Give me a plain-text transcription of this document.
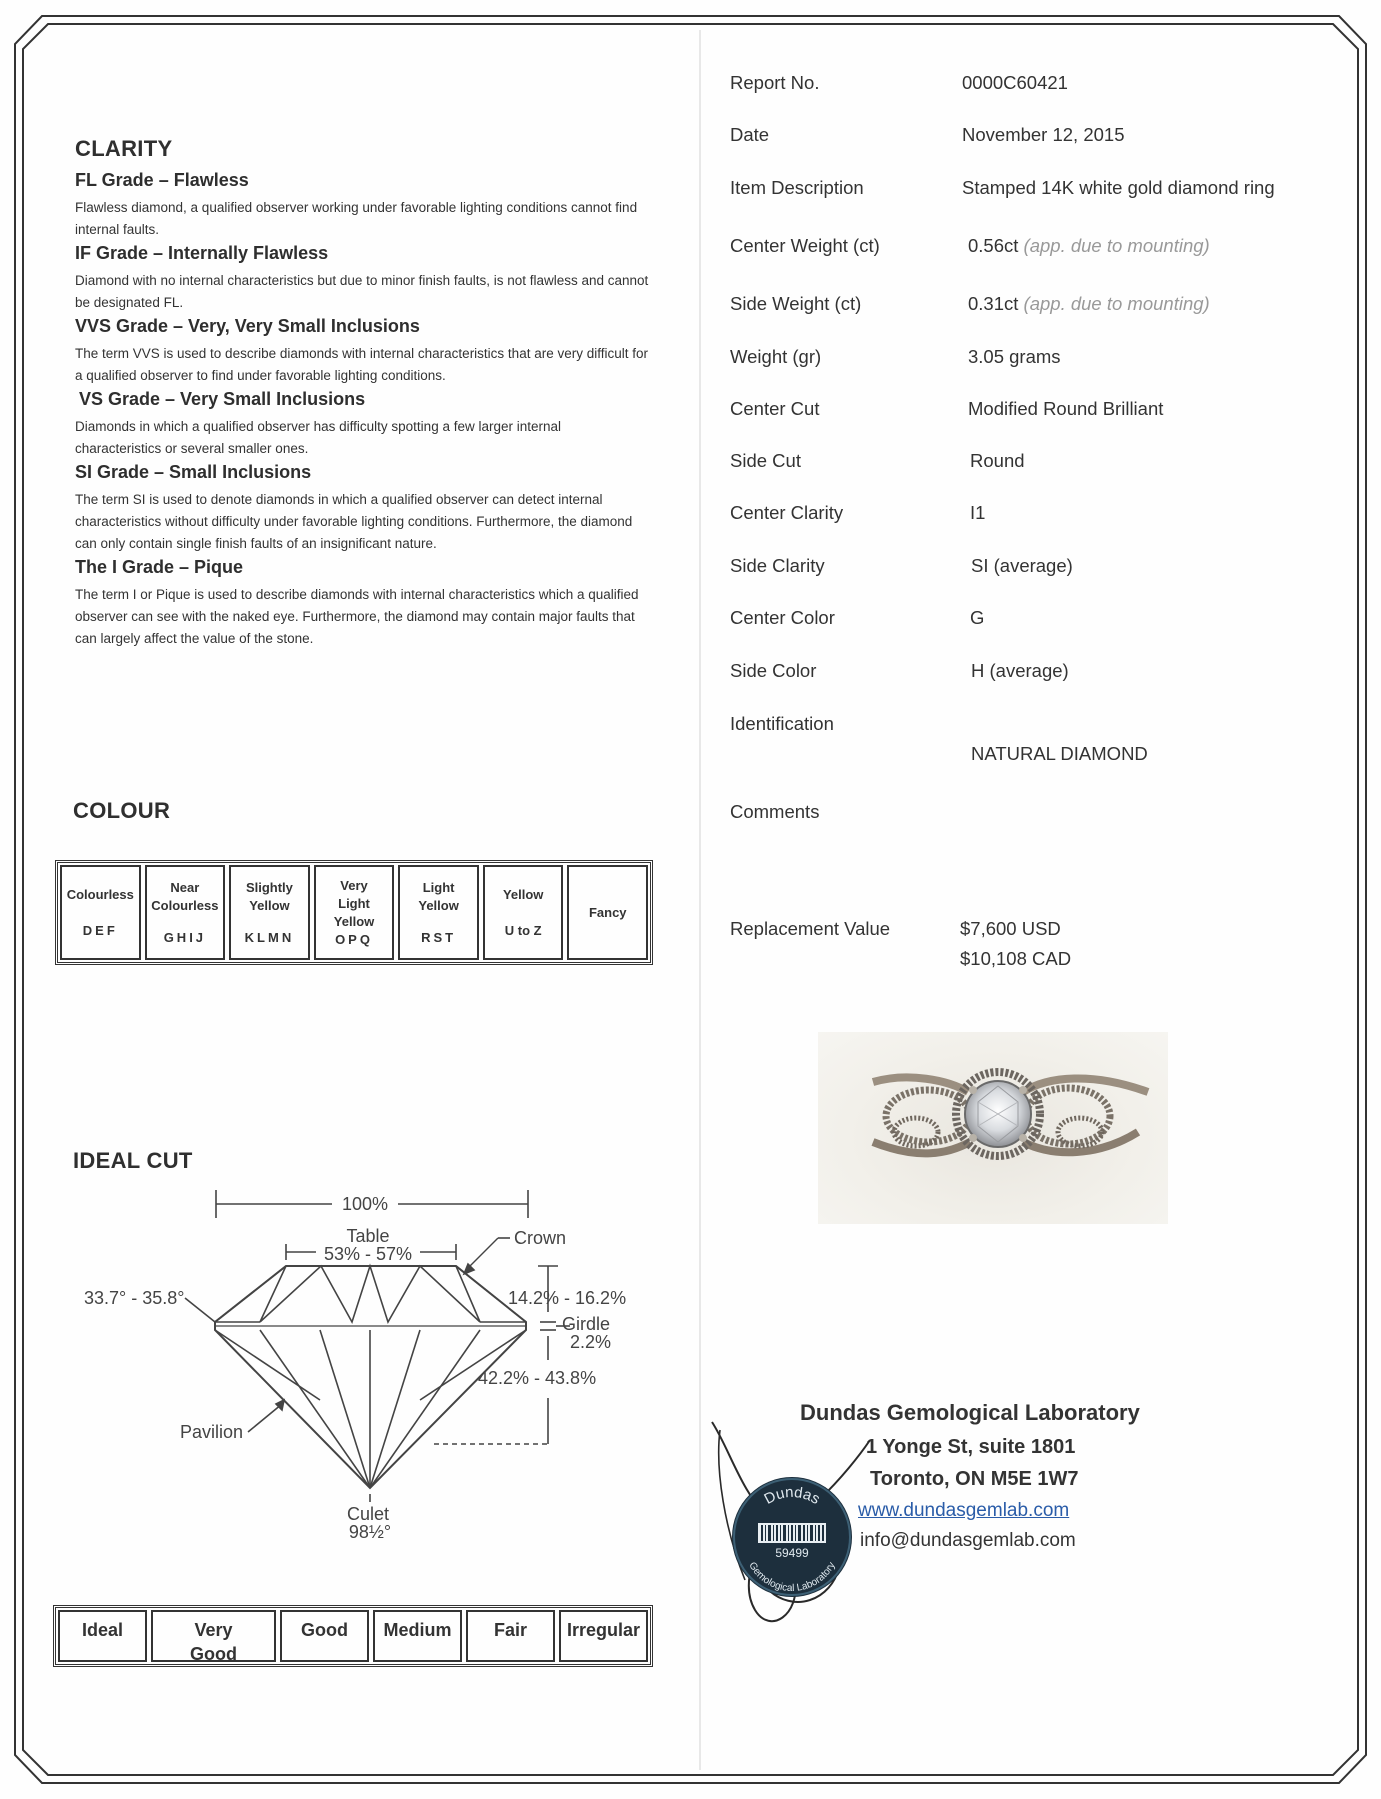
CLARITY
FL Grade – Flawless
Flawless diamond, a qualified observer working under favorable lighting conditions cannot find internal faults.
IF Grade – Internally Flawless
Diamond with no internal characteristics but due to minor finish faults, is not flawless and cannot be designated FL.
VVS Grade – Very, Very Small Inclusions
The term VVS is used to describe diamonds with internal characteristics that are very difficult for a qualified observer to find under favorable lighting conditions.
VS Grade – Very Small Inclusions
Diamonds in which a qualified observer has difficulty spotting a few larger internal characteristics or several smaller ones.
SI Grade – Small Inclusions
The term SI is used to denote diamonds in which a qualified observer can detect internal characteristics without difficulty under favorable lighting conditions. Furthermore, the diamond can only contain single finish faults of an insignificant nature.
The I Grade – Pique
The term I or Pique is used to describe diamonds with internal characteristics which a qualified observer can see with the naked eye. Furthermore, the diamond may contain major faults that can largely affect the value of the stone.
COLOUR
Colourless
DEF
Near Colourless
GHIJ
Slightly Yellow
KLMN
Very Light Yellow
OPQ
Light Yellow
RST
Yellow
U to Z
Fancy
IDEAL CUT
100%
Table
53% - 57%
Crown
33.7° - 35.8°	14.2% - 16.2%
Girdle
2.2%
42.2% - 43.8%
Pavilion
Culet
98½°
Ideal	Very Good
Good	Medium	Fair	Irregular
Report No.	0000C60421
Date	November 12, 2015
Item Description	Stamped 14K white gold diamond ring
Center Weight (ct)	0.56ct (app. due to mounting)
Side Weight (ct)	0.31ct (app. due to mounting)
Weight (gr)	3.05 grams
Center Cut	Modified Round Brilliant
Side Cut	Round
Center Clarity	I1
Side Clarity	SI (average)
Center Color	G
Side Color	H (average)
Identification
NATURAL DIAMOND
Comments
Replacement Value	$7,600 USD
$10,108 CAD
Dundas Gemological Laboratory
1 Yonge St, suite 1801
Toronto, ON M5E 1W7
www.dundasgemlab.com
info@dundasgemlab.com
Dundas
Gemological Laboratory
59499
